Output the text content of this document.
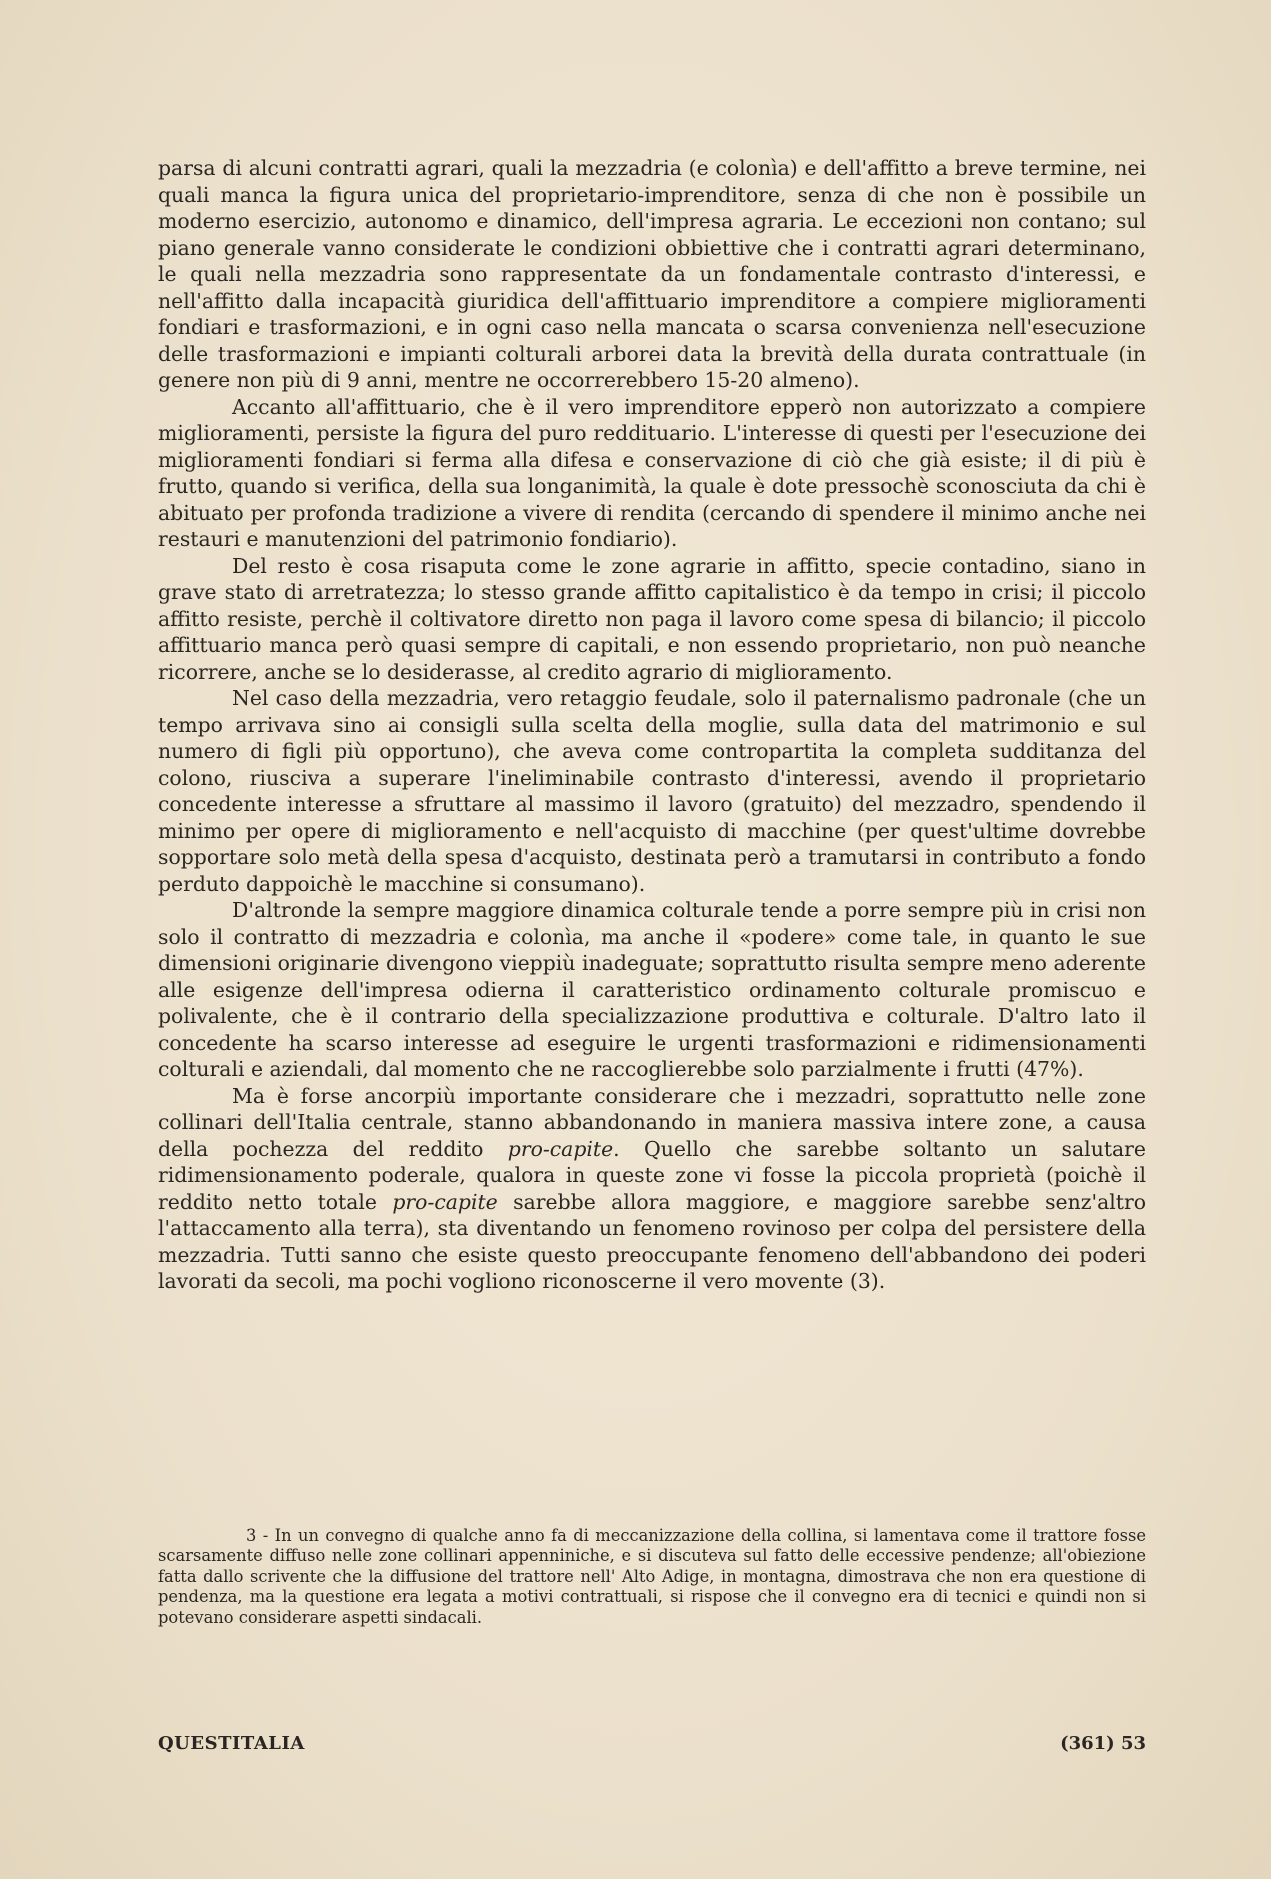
parsa di alcuni contratti agrari, quali la mezzadria (e colonìa) e dell'affitto a breve termine, nei quali manca la figura unica del proprietario-imprenditore, senza di che non è possibile un moderno esercizio, autonomo e dinamico, dell'impresa agraria. Le eccezioni non contano; sul piano generale vanno considerate le condizioni obbiettive che i contratti agrari determinano, le quali nella mezzadria sono rappresentate da un fondamentale contrasto d'interessi, e nell'affitto dalla incapacità giuridica dell'affittuario imprenditore a compiere miglioramenti fondiari e trasformazioni, e in ogni caso nella mancata o scarsa convenienza nell'esecuzione delle trasformazioni e impianti colturali arborei data la brevità della durata contrattuale (in genere non più di 9 anni, mentre ne occorrerebbero 15-20 almeno).

Accanto all'affittuario, che è il vero imprenditore epperò non autorizzato a compiere miglioramenti, persiste la figura del puro reddituario. L'interesse di questi per l'esecuzione dei miglioramenti fondiari si ferma alla difesa e conservazione di ciò che già esiste; il di più è frutto, quando si verifica, della sua longanimità, la quale è dote pressochè sconosciuta da chi è abituato per profonda tradizione a vivere di rendita (cercando di spendere il minimo anche nei restauri e manutenzioni del patrimonio fondiario).

Del resto è cosa risaputa come le zone agrarie in affitto, specie contadino, siano in grave stato di arretratezza; lo stesso grande affitto capitalistico è da tempo in crisi; il piccolo affitto resiste, perchè il coltivatore diretto non paga il lavoro come spesa di bilancio; il piccolo affittuario manca però quasi sempre di capitali, e non essendo proprietario, non può neanche ricorrere, anche se lo desiderasse, al credito agrario di miglioramento.

Nel caso della mezzadria, vero retaggio feudale, solo il paternalismo padronale (che un tempo arrivava sino ai consigli sulla scelta della moglie, sulla data del matrimonio e sul numero di figli più opportuno), che aveva come contropartita la completa sudditanza del colono, riusciva a superare l'ineliminabile contrasto d'interessi, avendo il proprietario concedente interesse a sfruttare al massimo il lavoro (gratuito) del mezzadro, spendendo il minimo per opere di miglioramento e nell'acquisto di macchine (per quest'ultime dovrebbe sopportare solo metà della spesa d'acquisto, destinata però a tramutarsi in contributo a fondo perduto dappoichè le macchine si consumano).

D'altronde la sempre maggiore dinamica colturale tende a porre sempre più in crisi non solo il contratto di mezzadria e colonìa, ma anche il «podere» come tale, in quanto le sue dimensioni originarie divengono vieppiù inadeguate; soprattutto risulta sempre meno aderente alle esigenze dell'impresa odierna il caratteristico ordinamento colturale promiscuo e polivalente, che è il contrario della specializzazione produttiva e colturale. D'altro lato il concedente ha scarso interesse ad eseguire le urgenti trasformazioni e ridimensionamenti colturali e aziendali, dal momento che ne raccoglierebbe solo parzialmente i frutti (47%).

Ma è forse ancorpiù importante considerare che i mezzadri, soprattutto nelle zone collinari dell'Italia centrale, stanno abbandonando in maniera massiva intere zone, a causa della pochezza del reddito pro-capite. Quello che sarebbe soltanto un salutare ridimensionamento poderale, qualora in queste zone vi fosse la piccola proprietà (poichè il reddito netto totale pro-capite sarebbe allora maggiore, e maggiore sarebbe senz'altro l'attaccamento alla terra), sta diventando un fenomeno rovinoso per colpa del persistere della mezzadria. Tutti sanno che esiste questo preoccupante fenomeno dell'abbandono dei poderi lavorati da secoli, ma pochi vogliono riconoscerne il vero movente (3).

3 - In un convegno di qualche anno fa di meccanizzazione della collina, si lamentava come il trattore fosse scarsamente diffuso nelle zone collinari appenniniche, e si discuteva sul fatto delle eccessive pendenze; all'obiezione fatta dallo scrivente che la diffusione del trattore nell' Alto Adige, in montagna, dimostrava che non era questione di pendenza, ma la questione era legata a motivi contrattuali, si rispose che il convegno era di tecnici e quindi non si potevano considerare aspetti sindacali.

QUESTITALIA	(361) 53
